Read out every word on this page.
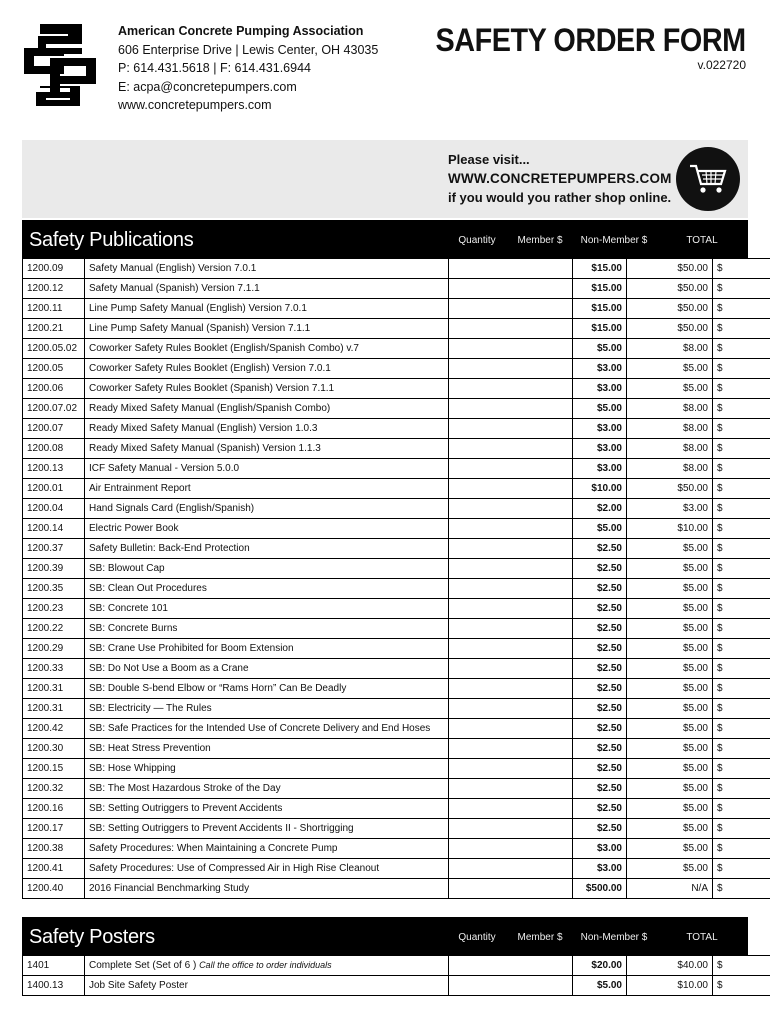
American Concrete Pumping Association
606 Enterprise Drive | Lewis Center, OH 43035
P: 614.431.5618 | F: 614.431.6944
E: acpa@concretepumpers.com
www.concretepumpers.com
SAFETY ORDER FORM
v.022720
Please visit...
WWW.CONCRETEPUMPERS.COM
if you would you rather shop online.
Safety Publications	Quantity	Member $	Non-Member $	TOTAL
1200.09	Safety Manual (English) Version 7.0.1		$15.00	$50.00	$
1200.12	Safety Manual (Spanish) Version 7.1.1		$15.00	$50.00	$
1200.11	Line Pump Safety Manual (English) Version 7.0.1		$15.00	$50.00	$
1200.21	Line Pump Safety Manual (Spanish) Version 7.1.1		$15.00	$50.00	$
1200.05.02	Coworker Safety Rules Booklet (English/Spanish Combo) v.7		$5.00	$8.00	$
1200.05	Coworker Safety Rules Booklet (English) Version 7.0.1		$3.00	$5.00	$
1200.06	Coworker Safety Rules Booklet (Spanish) Version 7.1.1		$3.00	$5.00	$
1200.07.02	Ready Mixed Safety Manual (English/Spanish Combo)		$5.00	$8.00	$
1200.07	Ready Mixed Safety Manual (English) Version 1.0.3		$3.00	$8.00	$
1200.08	Ready Mixed Safety Manual (Spanish) Version 1.1.3		$3.00	$8.00	$
1200.13	ICF Safety Manual - Version 5.0.0		$3.00	$8.00	$
1200.01	Air Entrainment Report		$10.00	$50.00	$
1200.04	Hand Signals Card (English/Spanish)		$2.00	$3.00	$
1200.14	Electric Power Book		$5.00	$10.00	$
1200.37	Safety Bulletin: Back-End Protection		$2.50	$5.00	$
1200.39	SB: Blowout Cap		$2.50	$5.00	$
1200.35	SB: Clean Out Procedures		$2.50	$5.00	$
1200.23	SB: Concrete 101		$2.50	$5.00	$
1200.22	SB: Concrete Burns		$2.50	$5.00	$
1200.29	SB: Crane Use Prohibited for Boom Extension		$2.50	$5.00	$
1200.33	SB: Do Not Use a Boom as a Crane		$2.50	$5.00	$
1200.31	SB: Double S-bend Elbow or “Rams Horn” Can Be Deadly		$2.50	$5.00	$
1200.31	SB: Electricity — The Rules		$2.50	$5.00	$
1200.42	SB: Safe Practices for the Intended Use of Concrete Delivery and End Hoses		$2.50	$5.00	$
1200.30	SB: Heat Stress Prevention		$2.50	$5.00	$
1200.15	SB: Hose Whipping		$2.50	$5.00	$
1200.32	SB: The Most Hazardous Stroke of the Day		$2.50	$5.00	$
1200.16	SB: Setting Outriggers to Prevent Accidents		$2.50	$5.00	$
1200.17	SB: Setting Outriggers to Prevent Accidents II - Shortrigging		$2.50	$5.00	$
1200.38	Safety Procedures: When Maintaining a Concrete Pump		$3.00	$5.00	$
1200.41	Safety Procedures: Use of Compressed Air in High Rise Cleanout		$3.00	$5.00	$
1200.40	2016 Financial Benchmarking Study		$500.00	N/A	$
Safety Posters	Quantity	Member $	Non-Member $	TOTAL
1401	Complete Set (Set of 6 ) Call the office to order individuals		$20.00	$40.00	$
1400.13	Job Site Safety Poster		$5.00	$10.00	$
